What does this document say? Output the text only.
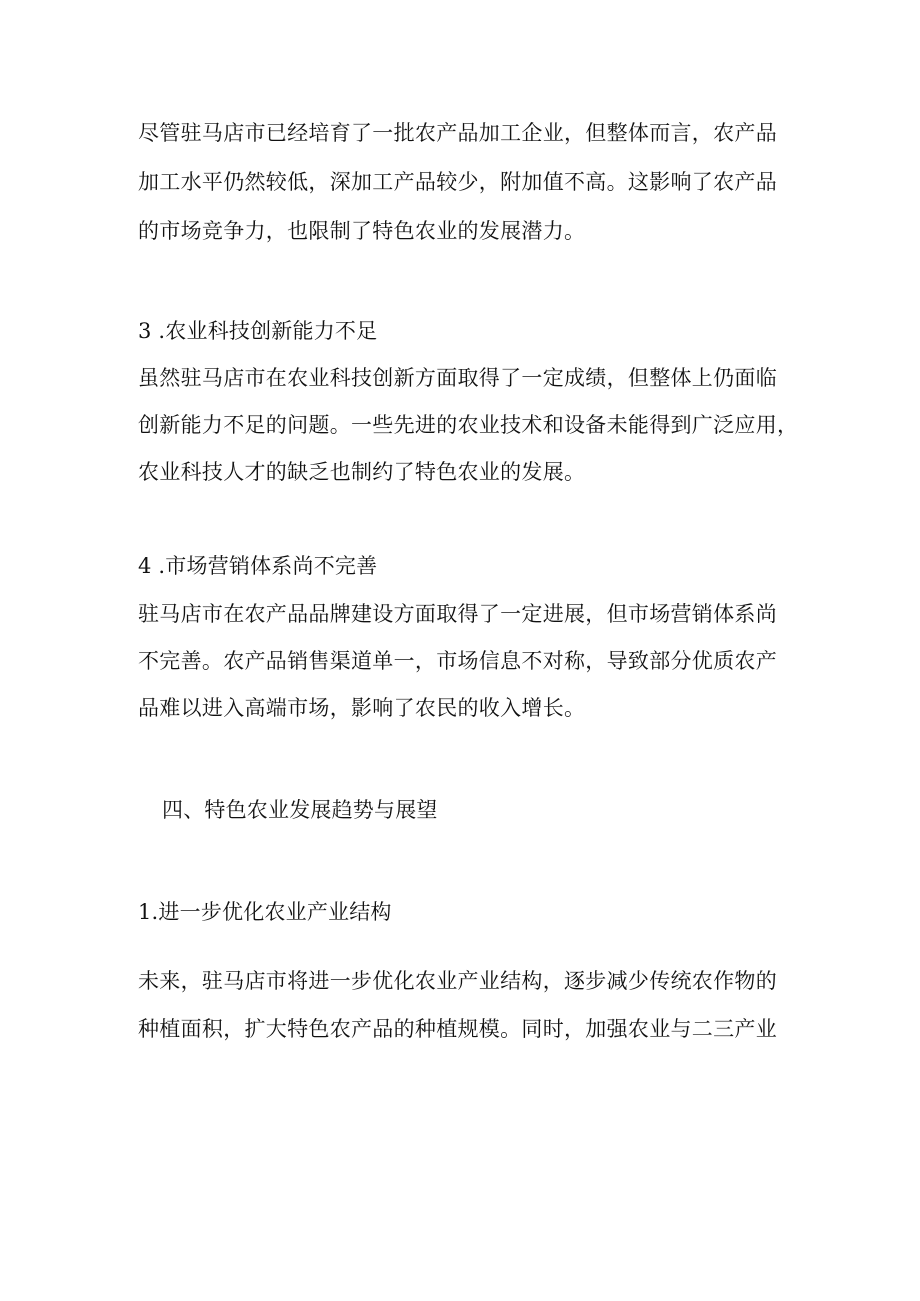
尽管驻马店市已经培育了一批农产品加工企业，但整体而言，农产品
加工水平仍然较低，深加工产品较少，附加值不高。这影响了农产品
的市场竞争力，也限制了特色农业的发展潜力。
3 .农业科技创新能力不足
虽然驻马店市在农业科技创新方面取得了一定成绩，但整体上仍面临
创新能力不足的问题。一些先进的农业技术和设备未能得到广泛应用，
农业科技人才的缺乏也制约了特色农业的发展。
4 .市场营销体系尚不完善
驻马店市在农产品品牌建设方面取得了一定进展，但市场营销体系尚
不完善。农产品销售渠道单一，市场信息不对称，导致部分优质农产
品难以进入高端市场，影响了农民的收入增长。
四、特色农业发展趋势与展望
1.进一步优化农业产业结构
未来，驻马店市将进一步优化农业产业结构，逐步减少传统农作物的
种植面积，扩大特色农产品的种植规模。同时，加强农业与二三产业
